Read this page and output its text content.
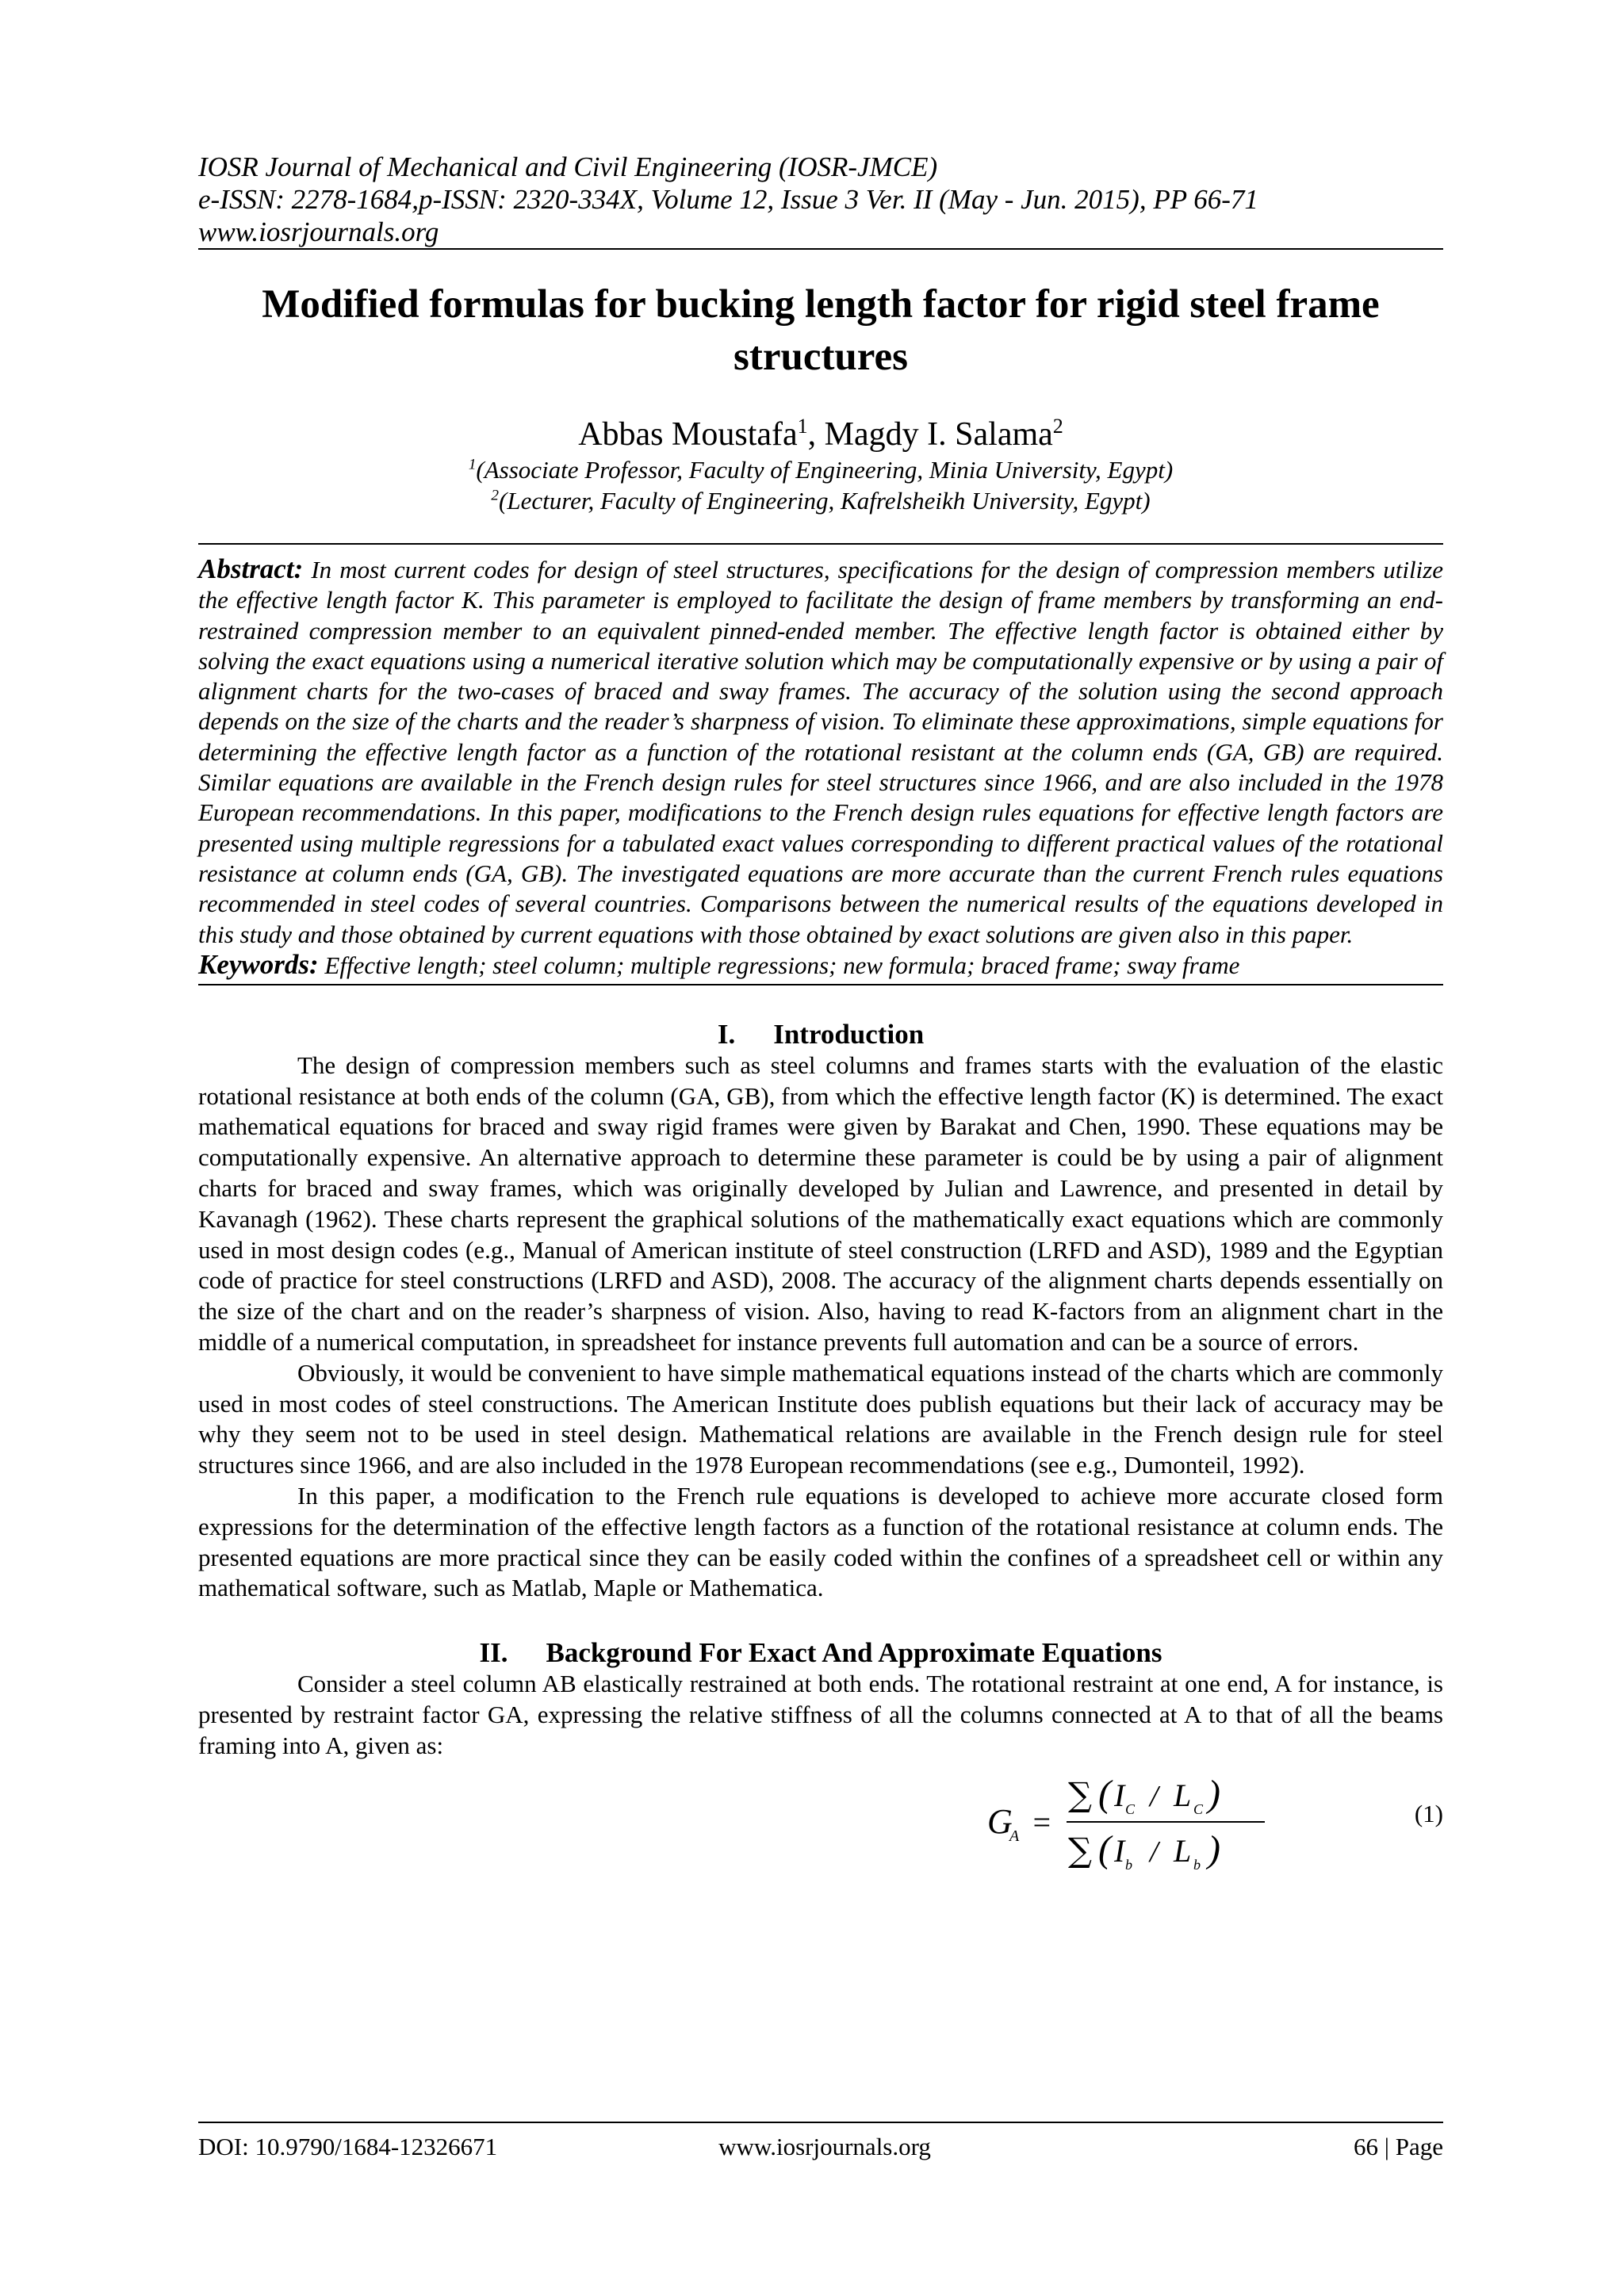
IOSR Journal of Mechanical and Civil Engineering (IOSR-JMCE)
e-ISSN: 2278-1684,p-ISSN: 2320-334X, Volume 12, Issue 3 Ver. II (May - Jun. 2015), PP 66-71
www.iosrjournals.org
Modified formulas for bucking length factor for rigid steel frame structures
Abbas Moustafa$^1$, Magdy I. Salama$^2$
$^1$(Associate Professor, Faculty of Engineering, Minia University, Egypt)
$^2$(Lecturer, Faculty of Engineering, Kafrelsheikh University, Egypt)
Abstract: In most current codes for design of steel structures, specifications for the design of compression members utilize the effective length factor K. This parameter is employed to facilitate the design of frame members by transforming an end-restrained compression member to an equivalent pinned-ended member. The effective length factor is obtained either by solving the exact equations using a numerical iterative solution which may be computationally expensive or by using a pair of alignment charts for the two-cases of braced and sway frames. The accuracy of the solution using the second approach depends on the size of the charts and the reader’s sharpness of vision. To eliminate these approximations, simple equations for determining the effective length factor as a function of the rotational resistant at the column ends (GA, GB) are required. Similar equations are available in the French design rules for steel structures since 1966, and are also included in the 1978 European recommendations. In this paper, modifications to the French design rules equations for effective length factors are presented using multiple regressions for a tabulated exact values corresponding to different practical values of the rotational resistance at column ends (GA, GB). The investigated equations are more accurate than the current French rules equations recommended in steel codes of several countries. Comparisons between the numerical results of the equations developed in this study and those obtained by current equations with those obtained by exact solutions are given also in this paper.
Keywords: Effective length; steel column; multiple regressions; new formula; braced frame; sway frame
I. Introduction

The design of compression members such as steel columns and frames starts with the evaluation of the elastic rotational resistance at both ends of the column (GA, GB), from which the effective length factor (K) is determined. The exact mathematical equations for braced and sway rigid frames were given by Barakat and Chen, 1990. These equations may be computationally expensive. An alternative approach to determine these parameter is could be by using a pair of alignment charts for braced and sway frames, which was originally developed by Julian and Lawrence, and presented in detail by Kavanagh (1962). These charts represent the graphical solutions of the mathematically exact equations which are commonly used in most design codes (e.g., Manual of American institute of steel construction (LRFD and ASD), 1989 and the Egyptian code of practice for steel constructions (LRFD and ASD), 2008. The accuracy of the alignment charts depends essentially on the size of the chart and on the reader’s sharpness of vision. Also, having to read K-factors from an alignment chart in the middle of a numerical computation, in spreadsheet for instance prevents full automation and can be a source of errors.

Obviously, it would be convenient to have simple mathematical equations instead of the charts which are commonly used in most codes of steel constructions. The American Institute does publish equations but their lack of accuracy may be why they seem not to be used in steel design. Mathematical relations are available in the French design rule for steel structures since 1966, and are also included in the 1978 European recommendations (see e.g., Dumonteil, 1992).

In this paper, a modification to the French rule equations is developed to achieve more accurate closed form expressions for the determination of the effective length factors as a function of the rotational resistance at column ends. The presented equations are more practical since they can be easily coded within the confines of a spreadsheet cell or within any mathematical software, such as Matlab, Maple or Mathematica.

II. Background For Exact And Approximate Equations

Consider a steel column AB elastically restrained at both ends. The rotational restraint at one end, A for instance, is presented by restraint factor GA, expressing the relative stiffness of all the columns connected at A to that of all the beams framing into A, given as:

G
A =
∑ ( I C / L C )
∑ ( I b / L b )
(1)
DOI: 10.9790/1684-12326671	www.iosrjournals.org	66 | Page
